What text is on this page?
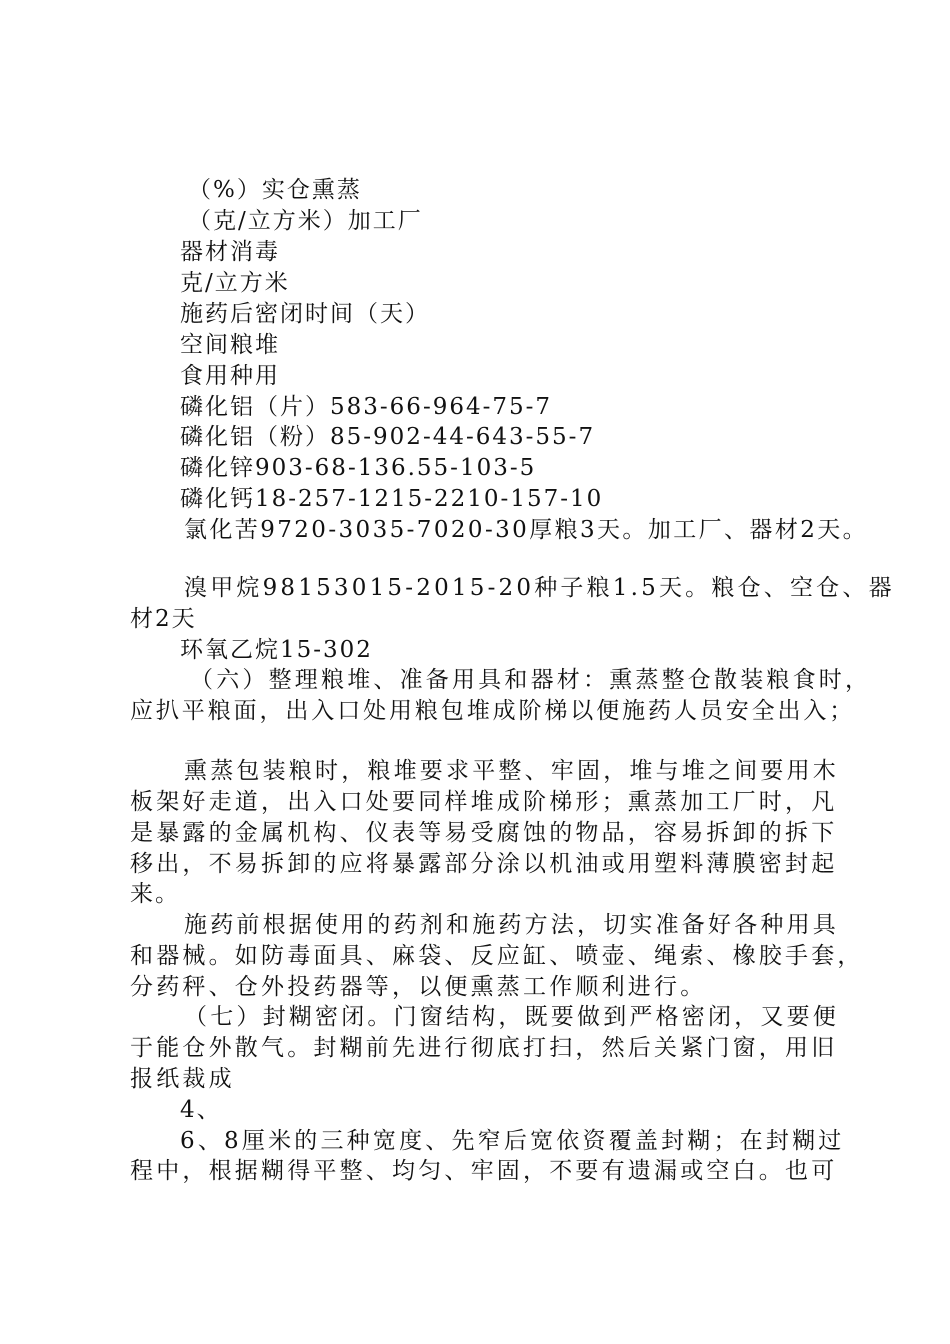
（%）实仓熏蒸
（克/立方米）加工厂
器材消毒
克/立方米
施药后密闭时间（天）
空间粮堆
食用种用
磷化铝（片）583-66-964-75-7
磷化铝（粉）85-902-44-643-55-7
磷化锌903-68-136.55-103-5
磷化钙18-257-1215-2210-157-10
氯化苦9720-3035-7020-30厚粮3天。加工厂、器材2天。
溴甲烷98153015-2015-20种子粮1.5天。粮仓、空仓、器
材2天
环氧乙烷15-302
（六）整理粮堆、准备用具和器材：熏蒸整仓散装粮食时，
应扒平粮面，出入口处用粮包堆成阶梯以便施药人员安全出入；
熏蒸包装粮时，粮堆要求平整、牢固，堆与堆之间要用木
板架好走道，出入口处要同样堆成阶梯形；熏蒸加工厂时，凡
是暴露的金属机构、仪表等易受腐蚀的物品，容易拆卸的拆下
移出，不易拆卸的应将暴露部分涂以机油或用塑料薄膜密封起
来。
施药前根据使用的药剂和施药方法，切实准备好各种用具
和器械。如防毒面具、麻袋、反应缸、喷壶、绳索、橡胶手套，
分药秤、仓外投药器等，以便熏蒸工作顺利进行。
（七）封糊密闭。门窗结构，既要做到严格密闭，又要便
于能仓外散气。封糊前先进行彻底打扫，然后关紧门窗，用旧
报纸裁成
4、
6、8厘米的三种宽度、先窄后宽依资覆盖封糊；在封糊过
程中，根据糊得平整、均匀、牢固，不要有遗漏或空白。也可
